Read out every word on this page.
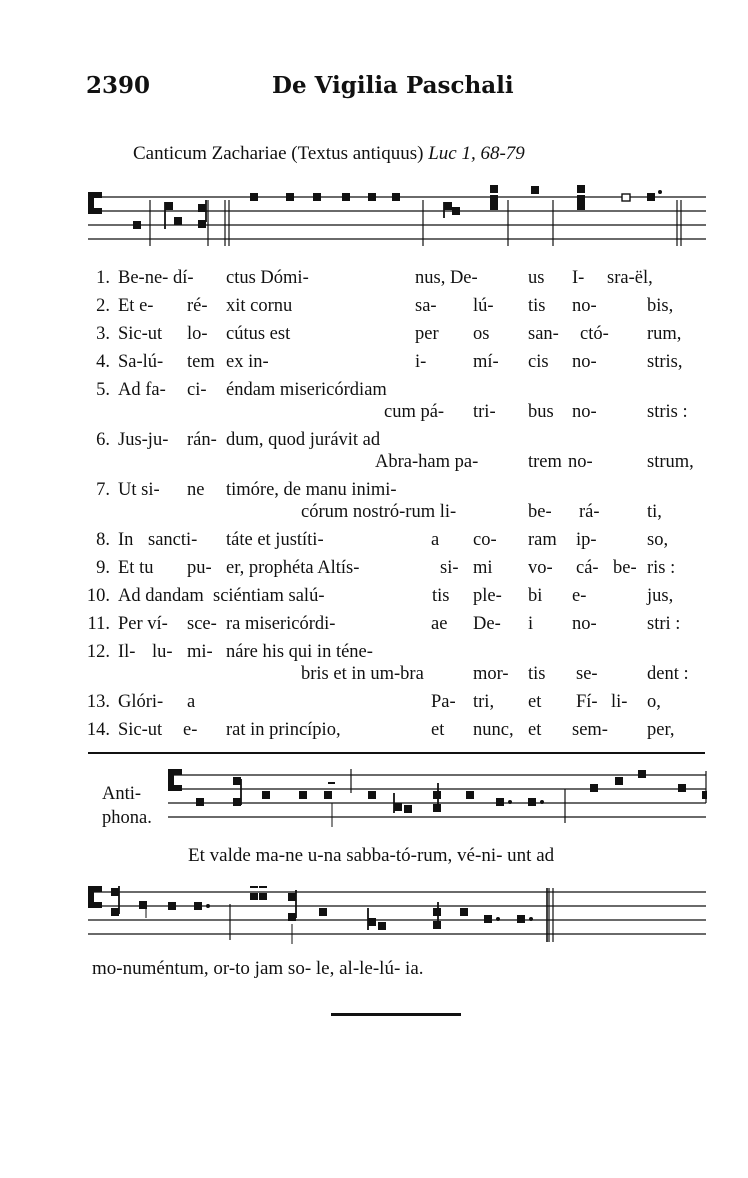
2390	De Vigilia Paschali
Canticum Zachariae (Textus antiquus) Luc 1, 68-79
1. Be-ne- dí- ctus Dómi-	nus, De-	us I- sra-ël,
2. Et e- ré- xit cornu	sa- lú- tis no-	bis,
3. Sic-ut lo- cútus est	per os san- ctó- rum,
4. Sa-lú- tem ex in-	i-	mí- cis no-	stris,
5. Ad fa- ci- éndam misericórdiam
cum pá- tri- bus no-	stris :
6. Jus-ju- rán- dum, quod jurávit ad
Abra-ham pa-	trem no-	strum,
7. Ut si- ne timóre, de manu inimi-
córum nostró-rum li-	be- rá-	ti,
8. In sancti- táte et justíti-	a co- ram ip-	so,
9. Et tu pu- er, prophéta Altís-	si- mi vo- cá- be- ris :
10. Ad dandam sciéntiam salú-	tis ple- bi e-	jus,
11. Per ví- sce- ra misericórdi-	ae De- i no-	stri :
12. Il- lu- mi- náre his qui in téne-
bris et in um-bra	mor- tis se-	dent :
13. Glóri- a	Pa- tri, et Fí- li- o,
14. Sic-ut e- rat in princípio,	et nunc, et sem- per,
Anti-
phona.
Et valde ma-ne u-na sabba-tó-rum, vé-ni- unt ad
mo-numéntum, or-to jam so- le, al-le-lú- ia.
